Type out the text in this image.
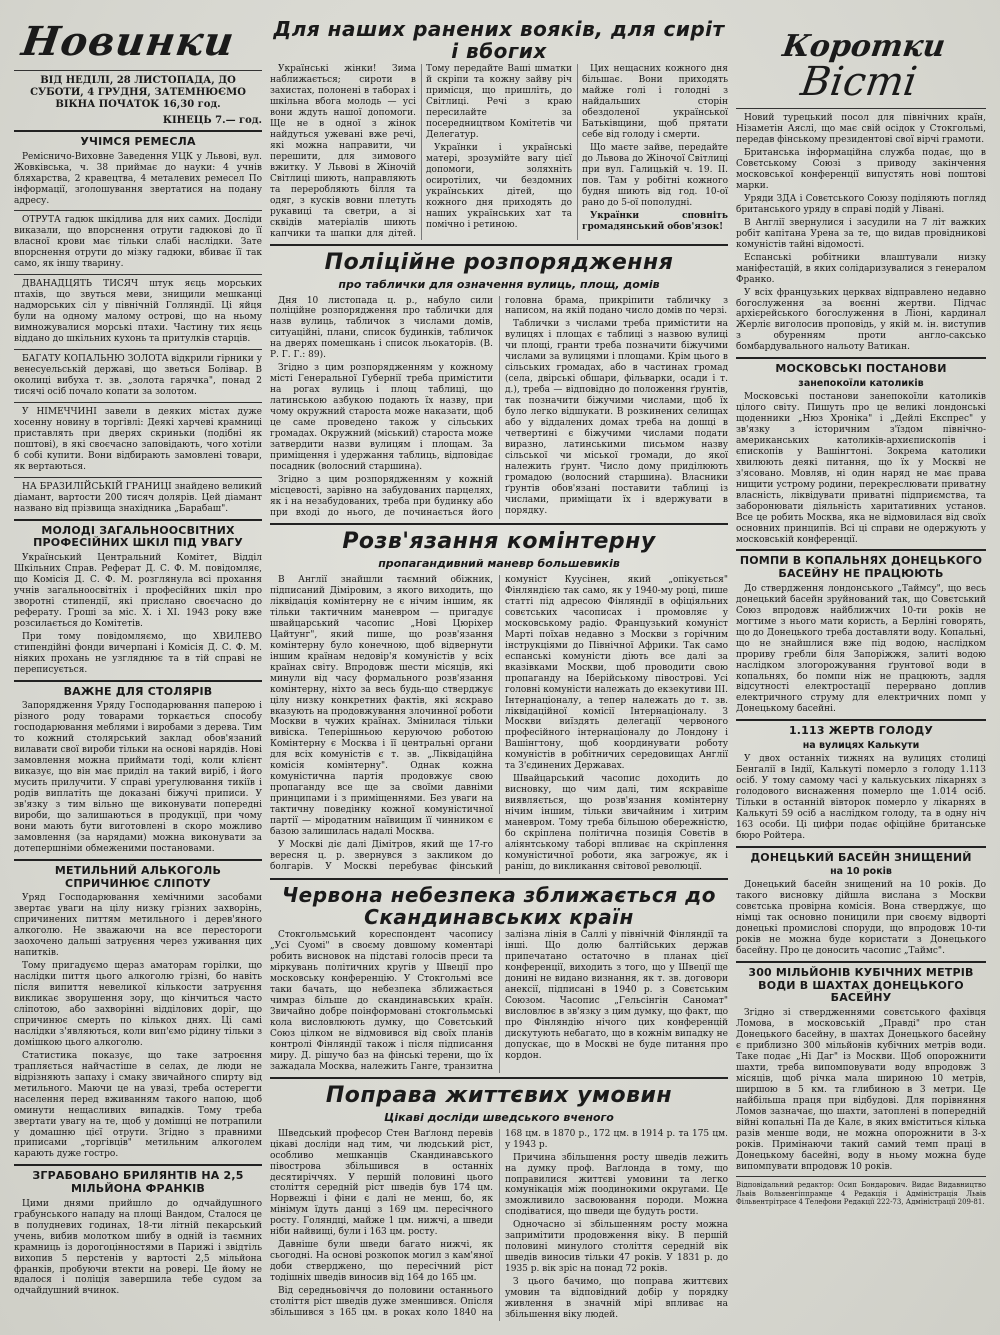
Новинки
ВІД НЕДІЛІ, 28 ЛИСТОПАДА, ДО СУБОТИ, 4 ГРУДНЯ, ЗАТЕМНЮЄМО ВІКНА ПОЧАТОК 16,30 год.
КІНЕЦЬ 7.— год.
УЧІМСЯ РЕМЕСЛА

Ремісничо-Виховне Заведення УЦК у Львові, вул. Жовківська, ч. 38 приймає до науки: 4 учнів бляхарства, 2 кравецтва, 4 металевих ремесел По інформації, зголошування звертатися на подану адресу.

ОТРУТА гадюк шкідлива для них самих. Досліди виказали, що впорснення отрути гадюкові до її власної крови має тільки слабі наслідки. Зате впорснення отрути до мізку гадюки, вбиває її так само, як іншу тварину.

ДВАНАДЦЯТЬ ТИСЯЧ штук яєць морських птахів, що звуться меви, знищили мешканці надморських сіл у північній Голляндії. Ці яйця були на одному малому острові, що на ньому вимножувалися морські птахи. Частину тих яєць віддано до шкільних кухонь та притулків старців.

БАГАТУ КОПАЛЬНЮ ЗОЛОТА відкрили гірники у венесуельській державі, що зветься Болівар. В околиці вибуха т. зв. „золота гарячка", понад 2 тисячі осіб почало копати за золотом.

У НІМЕЧЧИНІ завели в деяких містах дуже хосенну новину в торгівлі: Деякі харчеві крамниці приставлять при дверях скриньки (подібні як поштові), в які своєчасно заповідають, чого хотіли б собі купити. Вони відбирають замовлені товари, як вертаються.

НА БРАЗИЛІЙСЬКІЙ ГРАНИЦІ знайдено великий діамант, вартости 200 тисяч долярів. Цей діамант названо від прізвища знахідника „Барабаш".

МОЛОДІ ЗАГАЛЬНООСВІТНИХ ПРОФЕСІЙНИХ ШКІЛ ПІД УВАГУ

Український Центральний Комітет, Відділ Шкільних Справ. Реферат Д. С. Ф. М. повідомляє, що Комісія Д. С. Ф. М. розглянула всі прохання учнів загальноосвітніх і професійних шкіл про зворотні стипендії, які прислано своєчасно до реферату. Гроші за міс. X. і XI. 1943 року вже розсилається до Комітетів.

При тому повідомляємо, що ХВИЛЕВО стипендійні фонди вичерпані і Комісія Д. С. Ф. М. ніяких прохань не узгляднює та в тій справі не переписується.

ВАЖНЕ ДЛЯ СТОЛЯРІВ

Запорядження Уряду Господарювання паперою і різного роду товарами торкається способу господарювання меблями і виробами з дерева. Тим то кожний столярський заклад обов'язаний вилавати свої вироби тільки на основі нарядів. Нові замовлення можна приймати тоді, коли клієнт виказує, що він має приділ на такий виріб, і його мусить прилучити. У справі урегулювання тикіїв і родів виплатіть ще доказані біжучі приписи. У зв'язку з тим вільно ще виконувати попередні вироби, що залишаються в продукції, при чому вони мають бути виготовлені в скоро можливо замовлення (за нарядами) можна виконувати за дотепершніми обмеженими постановами.

МЕТИЛЬНИЙ АЛЬКОГОЛЬ СПРИЧИНЮЄ СЛІПОТУ

Уряд Господарювання хемічними засобами звертає уваги на цілу низку грізних захворінь, спричинених питтям метильного і дерев'яного алкоголю. Не зважаючи на все перестороги заохочено дальші затруєння через уживання цих напитків.

Тому пригадуємо щераз аматорам горілки, що наслідки пиття цього алкоголю грізні, бо навіть після випиття невеликої кількости затруєння викликає зворушення зору, що кінчиться часто сліпотою, або захворінні відділових доріг, що спричинює смерть по кількох днях. Ці самі наслідки з'являються, коли вип'ємо рідину тільки з домішкою цього алкоголю.

Статистика показує, що таке затроєння трапляється найчастіше в селах, де люди не відрізняють запаху і смаку звичайного спирту від метильного. Маючи це на увазі, треба остерегти населення перед вживанням такого напою, щоб оминути нещасливих випадків. Тому треба звертати увагу на те, щоб у домішці не потрапили у домашню цієї отрути. Згідно з правними приписами „торгівців" метильним алкоголем карають дуже гостро.

ЗГРАБОВАНО БРИЛЯНТІВ НА 2,5 МІЛЬЙОНА ФРАНКІВ

Цими днями прийшло до одчайдушного грабунського нападу на площі Вандом, Сталося це в полудневих годинах, 18-ти літній пекарський учень, вибив молотком шибу в одній із таємних крамниць із дорогоцінностями в Парижі і звідтіль вихопив 5 перстенів у вартості 2,5 мільйона франків, пробуючи втекти на ровері. Це йому не вдалося і поліція завершила тебе судом за одчайдушний вчинок.

Для наших ранених вояків, для сиріт і вбогих

Українські жінки! Зима наближається; сироти в захистах, полонені в таборах і шкільна вбога молодь — усі вони ждуть нашої допомоги. Ще не в одної з жінок найдуться ужевані вже речі, які можна направити, чи перешити, для зимового вжитку. У Львові в Жіночій Світлиці шиють, направляють та переробляють білля та одяг, з кусків вовни плетуть рукавиці та светри, а зі сквідів матеріалів шиють капчики та шапки для дітей. Тому передайте Ваші шматки й скріпи та кожну зайву річ примісця, що пришліть, до Світлиці. Речі з краю пересилайте за посередництвом Комітетів чи Делегатур.

Українки і українські матері, зрозумійте вагу цієї допомоги, золяхніть осиротілих, чи бездомних українських дітей, що кожного дня приходять до наших українських хат та помічно і ретиною.

Цих нещасних кожного дня більшає. Вони приходять майже голі і голодні з найдальших сторін обездоленої української Батьківщини, щоб прятати себе від голоду і смерти.

Що маєте зайве, передайте до Львова до Жіночої Світлиці при вул. Галицькій ч. 19. II. пов. Там у робітні кожного будня шиють від год. 10-ої рано до 5-ої пополудні.

Українки сповніть громадянський обов'язок!

Поліційне розпорядження
про таблички для означення вулиць, площ, домів

Дня 10 листопада ц. р., набуло сили поліційне розпорядження про таблички для назв вулиць, табличок з числами домів, ситуаційні, плани, список будинків, табличок на дверях помешкань і список льокаторів. (В. Р. Г. Г.: 89).

Згідно з цим розпорядженням у кожному місті Генеральної Губернії треба примістити на рогах вулиць і площ таблиці, що латинською азбукою подають їх назву, при чому окружний староста може наказати, щоб це саме проведено також у сільських громадах. Окружний (міський) староста може затвердити назви вулицям і площам. За приміщення і удержання таблиць, відповідає посадник (волосний старшина).

Згідно з цим розпорядженням у кожній місцевості, зарівно на забудованих парцелях, як і на незабудованих, треба при будинку або при вході до нього, де починається його головна брама, прикріпити табличку з написом, на якій подано число домів по черзі.

Таблички з числами треба примістити на вулицях і площах є таблиці з назвою вулиці чи площі, гранти треба позначити біжучими числами за вулицями і площами. Крім цього в сільських громадах, або в частинах громад (села, двірські обшари, фільварки, осади і т. д.), треба — відповідно до положення ґрунтів, так позначити біжучими числами, щоб їх було легко відшукати. В розкинених селищах або у віддалених домах треба на дошці в четвертині є біжучими числами подати виразно, латинськими письмом назву сільської чи міської громади, до якої належить ґрунт. Число дому приділюють громадою (волосний старшина). Власники ґрунтів обов'язані поставити таблиці із числами, приміщати їх і вдержувати в порядку.

Розв'язання комінтерну
пропагандивний маневр большевиків

В Англії знайшли таємний обіжник, підписаний Діміровим, з якого виходить, що ліквідація комінтерну не є нічим іншим, як тільки тактичним маневром — пригадує швайцарський часопис „Нові Цюріхер Цайтунг", який пише, що розв'язання комінтерну було конечною, щоб відвернути іншим країнам недовір'я комуністів у всіх країнах світу. Впродовж шести місяців, які минули від часу формального розв'язання комінтерну, ніхто за весь будь-що стверджує цілу низку конкретних фактів, які яскраво вказують на продовжування злочинної роботи Москви в чужих країнах. Змінилася тільки вивіска. Теперішньою керуючою роботою Комінтерну є Москва і її центральні органи для всіх комуністів є т. зв. „Ліквідаційна комісія комінтерну". Однак кожна комуністична партія продовжує свою пропаганду все ще за своїми давніми принципами і з приміщеннями. Без уваги на тактичну поведінку кожної комуністичної партії — міродатним наївищим її чинником є базою залишилась надалі Москва.

У Москві діє далі Дімітров, який ще 17-го вересня ц. р. звернувся з закликом до болгарів. У Москві перебуває фінський комуніст Куусінен, який „опікується" Фінляндією так само, як у 1940-му році, пише статті під адресою Фінляндії в офіціяльних совєтських часописах і промовляє у московському радіо. Французький комуніст Марті поїхав недавно з Москви з горічним інструкціями до Північної Африки. Так само еспанські комуністи діють все далі за вказівками Москви, щоб проводити свою пропаганду на Іберійському півострові. Усі головні комуністи належать до екзекутиви III. Інтернаціоналу, а тепер належать до т. зв. ліквідаційної комісії Інтернаціоналу. З Москви виїздять делегації червоного професійного інтернаціоналу до Лондону і Вашінгтону, щоб координувати роботу комуністів в робітничих середовищах Англії та З'єдинених Державах.

Швайцарський часопис доходить до висновку, що чим далі, тим яскравіше виявляється, що розв'язання комінтерну нічим іншим, тільки звичайним і хитрим маневром. Тому треба більшою обережністю, бо скріплена політична позиція Совєтів в аліянтському таборі впливає на скріплення комуністичної роботи, яка загрожує, як і раніш, до викликання світової революції.

Червона небезпека зближається до Скандинавських країн

Стокгольмський кореспондент часопису „Усі Суомі" в своєму довшому коментарі робить висновок на підставі голосів преси та міркувань політичних кругів у Швеції про московську конференцію. У Стокгольмі все таки бачать, що небезпека зближається чимраз більше до скандинавських країн. Звичайно добре поінформовані стокгольмські кола висловлюють думку, що Совєтський Союз цілком не відмовився від своїх планів контролі Фінляндії також і після підписання миру. Д. рішучо баз на фінські терени, що їх зажадала Москва, належить Ганге, транзитна залізна лінія в Саллі у північній Фінляндії та інші. Що долю балтійських держав припечатано остаточно в планах цієї конференції, виходить з того, що у Швеції ще донині не видано визнання, як т. зв. договори анексії, підписані в 1940 р. з Совєтським Союзом. Часопис „Гельсінгін Саномат" висловлює в зв'язку з цим думку, що факт, що про Фінляндію нічого цих конференцій дискутують небагато, що в кожнім випадку не допускає, що в Москві не буде питання про кордон.

Поправа життєвих умовин
Цікаві досліди шведського вченого

Шведський професор Стен Ваґлонд перевів цікаві досліди над тим, чи людський ріст, особливо мешканців Скандинавського півострова збільшився в останніх десятиріччях. У першій половині цього століття середній ріст шведів був 174 цм. Норвежці і фіни є далі не менш, бо, як мінімум їдуть данці з 169 цм. пересічного росту. Голяндці, майже 1 цм. нижчі, а шведи ніби найвищі, були і 163 цм. росту.

Давніше були шведи багато нижчі, як сьогодні. На основі розкопок могил з кам'яної доби стверджено, що пересічний ріст тодішніх шведів виносив від 164 до 165 цм.

Від середньовіччя до половини останнього століття ріст шведів дуже зменшився. Опісля збільшився з 165 цм. в роках коло 1840 на 168 цм. в 1870 р., 172 цм. в 1914 р. та 175 цм. у 1943 р.

Причина збільшення росту шведів лежить на думку проф. Ваґлонда в тому, що поправилися життєві умовини та легко комунікація між поодинокими округами. Це зможливило засвоювання породи. Можна сподіватися, що шведи ще будуть рости.

Одночасно зі збільшенням росту можна запримітити продовження віку. В першій половині минулого століття середній вік шведів виносив тільки 47 років. У 1831 р. до 1935 р. вік зріс на понад 72 років.

З цього бачимо, що поправа життєвих умовин та відповідний добір у порядку живлення в значній мірі впливає на збільшення віку людей.

Коротки
Вісті

Новий турецький посол для північних країн, Нізаметін Аяслі, що має свій осідок у Стокгольмі, передав фінському президентові свої вірчі грамоти.

Британська інформаційна служба подає, що в Совєтському Союзі з приводу закінчення московської конференції випустять нові поштові марки.

Уряди ЗДА і Совєтського Союзу поділяють погляд британського уряду в справі подій у Лівані.

В Англії звернулися і засудили на 7 літ важких робіт капітана Урена за те, що видав провідникові комуністів тайні відомості.

Еспанські робітники влаштували низку маніфестацій, в яких солідаризувалися з генералом Франко.

У всіх французьких церквах відправлено недавно богослуження за воєнні жертви. Підчас архієрейського богослуження в Ліоні, кардинал Жерліє виголосив проповідь, у якій м. ін. виступив з обуренням проти англо-саксько бомбардувального нальоту Ватикан.

МОСКОВСЬКІ ПОСТАНОВИ
занепокоїли католиків

Московські постанови занепокоїли католиків цілого світу. Пишуть про це великі лондонські щоденники „Нюз Хроніка" і „Дейлі Експрес" у зв'язку з історичним з'їздом північно-американських католиків-архиєпископів і єпископів у Вашінгтоні. Зокрема католики хвилюють деякі питання, що їх у Москві не з'ясовано. Мовляв, ні один наряд не має права нищити устрому родини, перекреслювати приватну власність, ліквідувати приватні підприємства, та заборонювати діяльність харитативних установ. Все це робить Москва, яка не відмовилася від своїх основних принципів. Всі ці справи не одержують у московській конференції.

ПОМПИ В КОПАЛЬНЯХ ДОНЕЦЬКОГО БАСЕЙНУ НЕ ПРАЦЮЮТЬ

До ствердження лондонського „Таймсу", що весь донецький басейн зруйнований так, що Совєтський Союз впродовж найближчих 10-ти років не могтиме з нього мати користь, а Берліні говорять, що до Донецького треба доставляти воду. Копальні, що не знайшлися вже під водою, наслідком прориву гребли біля Запоріжжя, залиті водою наслідком злогорожування ґрунтової води в копальнях, бо помпи ніж не працюють, задля відсутності електростації перервано доплив електричного струму для електричних помп у Донецькому басейні.

1.113 ЖЕРТВ ГОЛОДУ
на вулицях Калькути

У двох останніх тижнях на вулицях столиці Бенгалії в Індії, Калькуті померло з голоду 1.113 осіб. У тому самому часі у калькуських лікарнях з голодового виснаження померло ще 1.014 осіб. Тільки в останній вівторок померло у лікарнях в Калькуті 59 осіб а наслідком голоду, та в одну ніч 163 особи. Ці цифри подає офіційне британське бюро Ройтера.

ДОНЕЦЬКИЙ БАСЕЙН ЗНИЩЕНИЙ
на 10 років

Донецький басейн знищений на 10 років. До такого висновку дійшла вислана з Москви совєтська провірна комісія. Вона стверджує, що німці так основно поницили при своєму відворті донецькі промислові споруди, що впродовж 10-ти років не можна буде користати з Донецького басейну. Про це доносить часопис „Таймс".

300 МІЛЬЙОНІВ КУБІЧНИХ МЕТРІВ ВОДИ В ШАХТАХ ДОНЕЦЬКОГО БАСЕЙНУ

Згідно зі ствердженнями совєтського фахівця Ломова, в московській „Правді" про стан Донецького басейну, в шахтах Донецького басейну є приблизно 300 мільйонів кубічних метрів води. Таке подає „Ні Даг" із Москви. Щоб опорожнити шахти, треба випомповувати воду впродовж 3 місяців, щоб річка мала шириною 10 метрів, ширшою в 5 км. та глибиною в 3 метри. Це найбільша праця при відбудові. Для порівняння Ломов зазначає, що шахти, затоплені в попередній війні копальні Па де Калє, в яких вміститься кілька разів менше води, не можна опорожнити в 3-х років. Примінаючи такий самий темп праці в Донецькому басейні, воду в ньому можна буде випомпувати впродовж 10 років.

Відповідальний редактор: Осип Бондарович. Видає Видавництво Львів Вольвенгіппрамце 4 Редакція і Адміністрація Львів Фільвентрітрасе 4 Телефони Редакції 222-73, Адміністрації 209-81.
